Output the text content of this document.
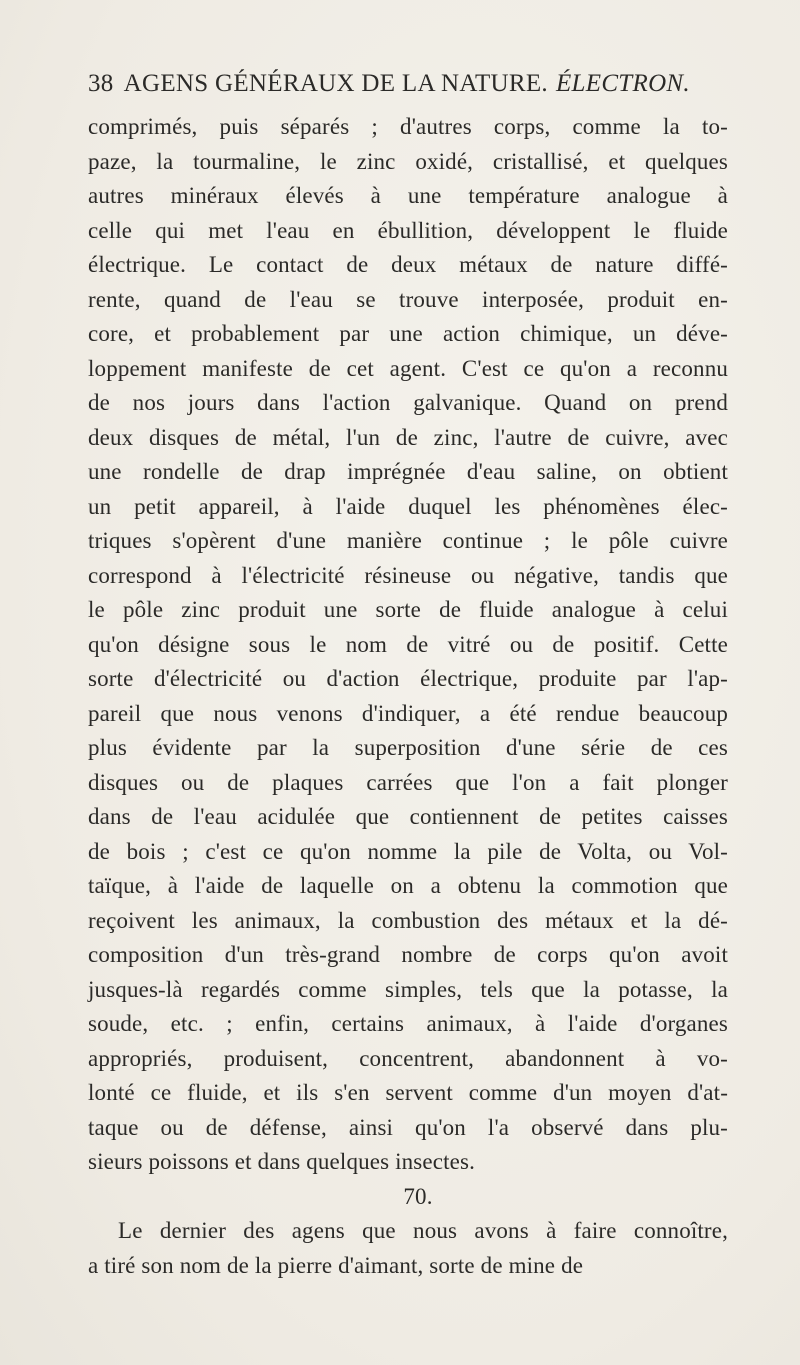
38 AGENS GÉNÉRAUX DE LA NATURE. ÉLECTRON.
comprimés, puis séparés ; d'autres corps, comme la to-
paze, la tourmaline, le zinc oxidé, cristallisé, et quelques
autres minéraux élevés à une température analogue à
celle qui met l'eau en ébullition, développent le fluide
électrique. Le contact de deux métaux de nature diffé-
rente, quand de l'eau se trouve interposée, produit en-
core, et probablement par une action chimique, un déve-
loppement manifeste de cet agent. C'est ce qu'on a reconnu
de nos jours dans l'action galvanique. Quand on prend
deux disques de métal, l'un de zinc, l'autre de cuivre, avec
une rondelle de drap imprégnée d'eau saline, on obtient
un petit appareil, à l'aide duquel les phénomènes élec-
triques s'opèrent d'une manière continue ; le pôle cuivre
correspond à l'électricité résineuse ou négative, tandis que
le pôle zinc produit une sorte de fluide analogue à celui
qu'on désigne sous le nom de vitré ou de positif. Cette
sorte d'électricité ou d'action électrique, produite par l'ap-
pareil que nous venons d'indiquer, a été rendue beaucoup
plus évidente par la superposition d'une série de ces
disques ou de plaques carrées que l'on a fait plonger
dans de l'eau acidulée que contiennent de petites caisses
de bois ; c'est ce qu'on nomme la pile de Volta, ou Vol-
taïque, à l'aide de laquelle on a obtenu la commotion que
reçoivent les animaux, la combustion des métaux et la dé-
composition d'un très-grand nombre de corps qu'on avoit
jusques-là regardés comme simples, tels que la potasse, la
soude, etc. ; enfin, certains animaux, à l'aide d'organes
appropriés, produisent, concentrent, abandonnent à vo-
lonté ce fluide, et ils s'en servent comme d'un moyen d'at-
taque ou de défense, ainsi qu'on l'a observé dans plu-
sieurs poissons et dans quelques insectes.
70.
Le dernier des agens que nous avons à faire connoître,
a tiré son nom de la pierre d'aimant, sorte de mine de
